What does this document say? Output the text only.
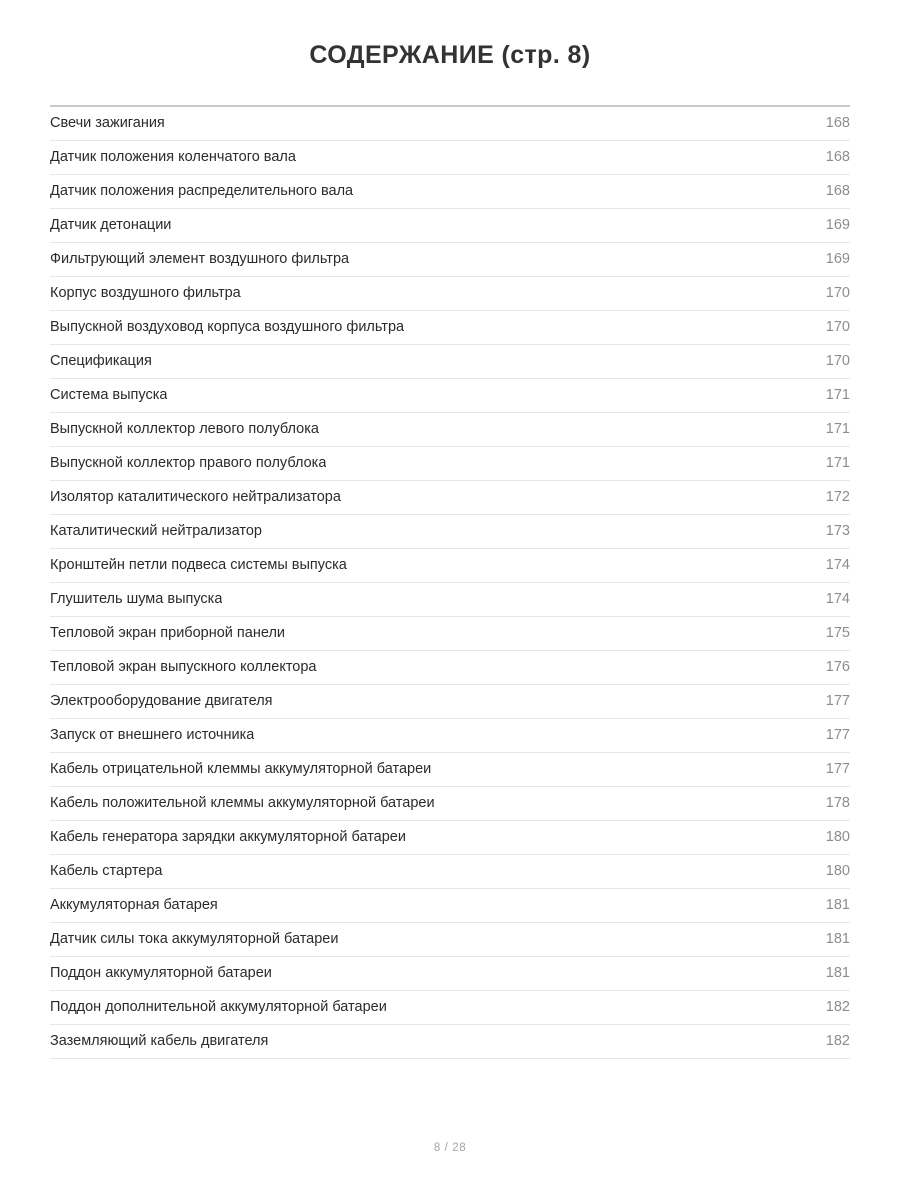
СОДЕРЖАНИЕ (стр. 8)
Свечи зажигания	168
Датчик положения коленчатого вала	168
Датчик положения распределительного вала	168
Датчик детонации	169
Фильтрующий элемент воздушного фильтра	169
Корпус воздушного фильтра	170
Выпускной воздуховод корпуса воздушного фильтра	170
Спецификация	170
Система выпуска	171
Выпускной коллектор левого полублока	171
Выпускной коллектор правого полублока	171
Изолятор каталитического нейтрализатора	172
Каталитический нейтрализатор	173
Кронштейн петли подвеса системы выпуска	174
Глушитель шума выпуска	174
Тепловой экран приборной панели	175
Тепловой экран выпускного коллектора	176
Электрооборудование двигателя	177
Запуск от внешнего источника	177
Кабель отрицательной клеммы аккумуляторной батареи	177
Кабель положительной клеммы аккумуляторной батареи	178
Кабель генератора зарядки аккумуляторной батареи	180
Кабель стартера	180
Аккумуляторная батарея	181
Датчик силы тока аккумуляторной батареи	181
Поддон аккумуляторной батареи	181
Поддон дополнительной аккумуляторной батареи	182
Заземляющий кабель двигателя	182
8 / 28
